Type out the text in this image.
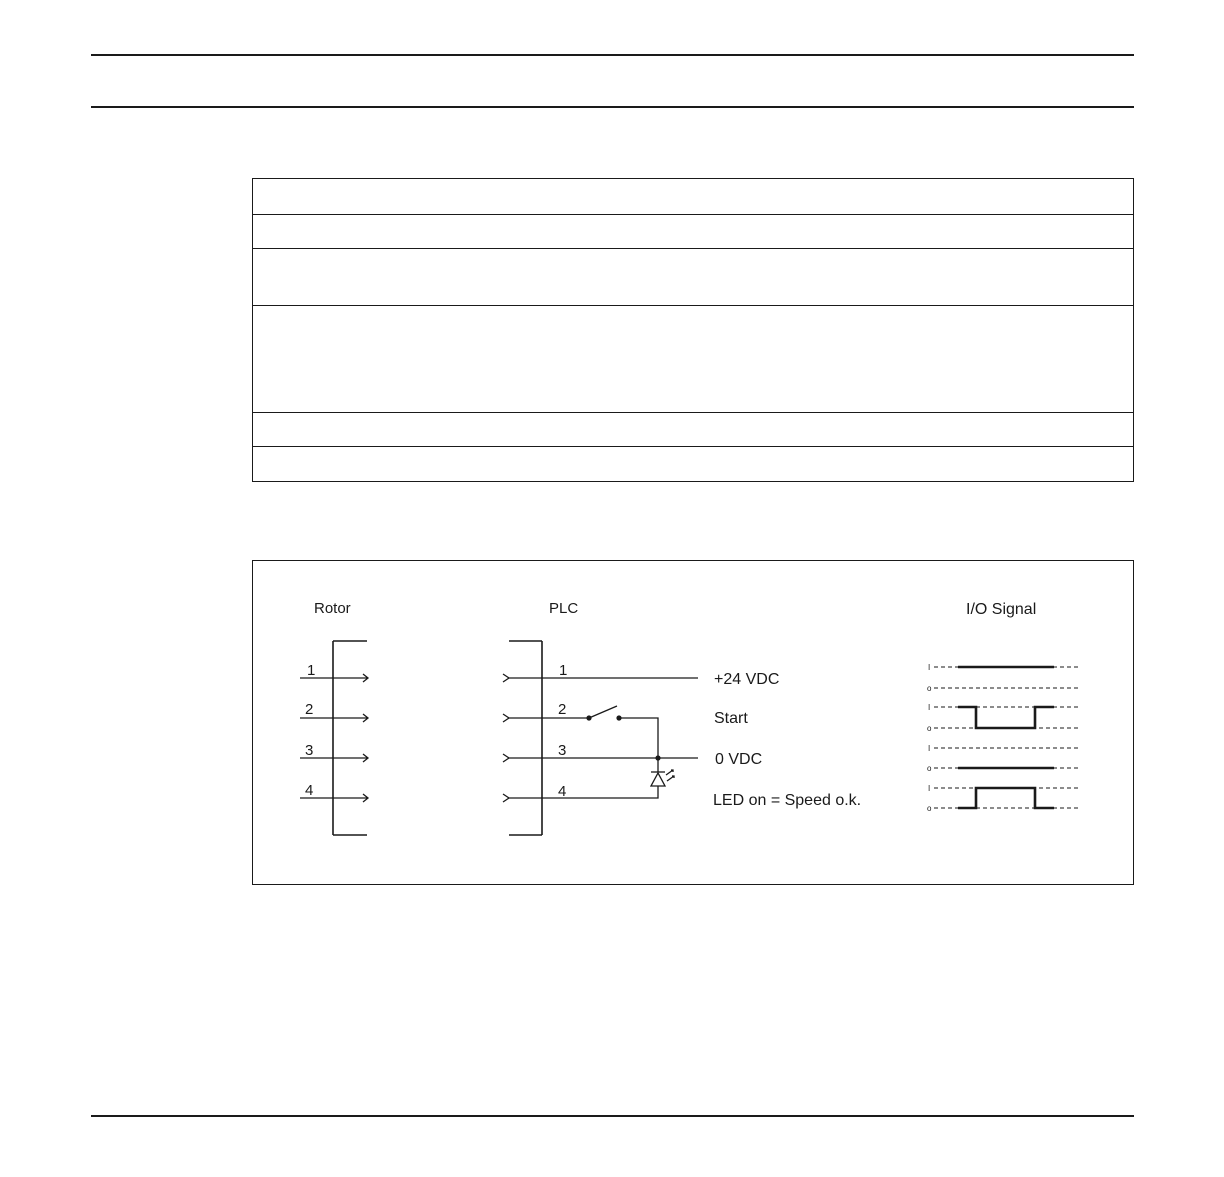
Rotor
1
2
3
4
PLC
1
2
3
4
+24 VDC
Start
0 VDC
LED on = Speed o.k.
I/O Signal
I
o
I
o
I
o
I
o
